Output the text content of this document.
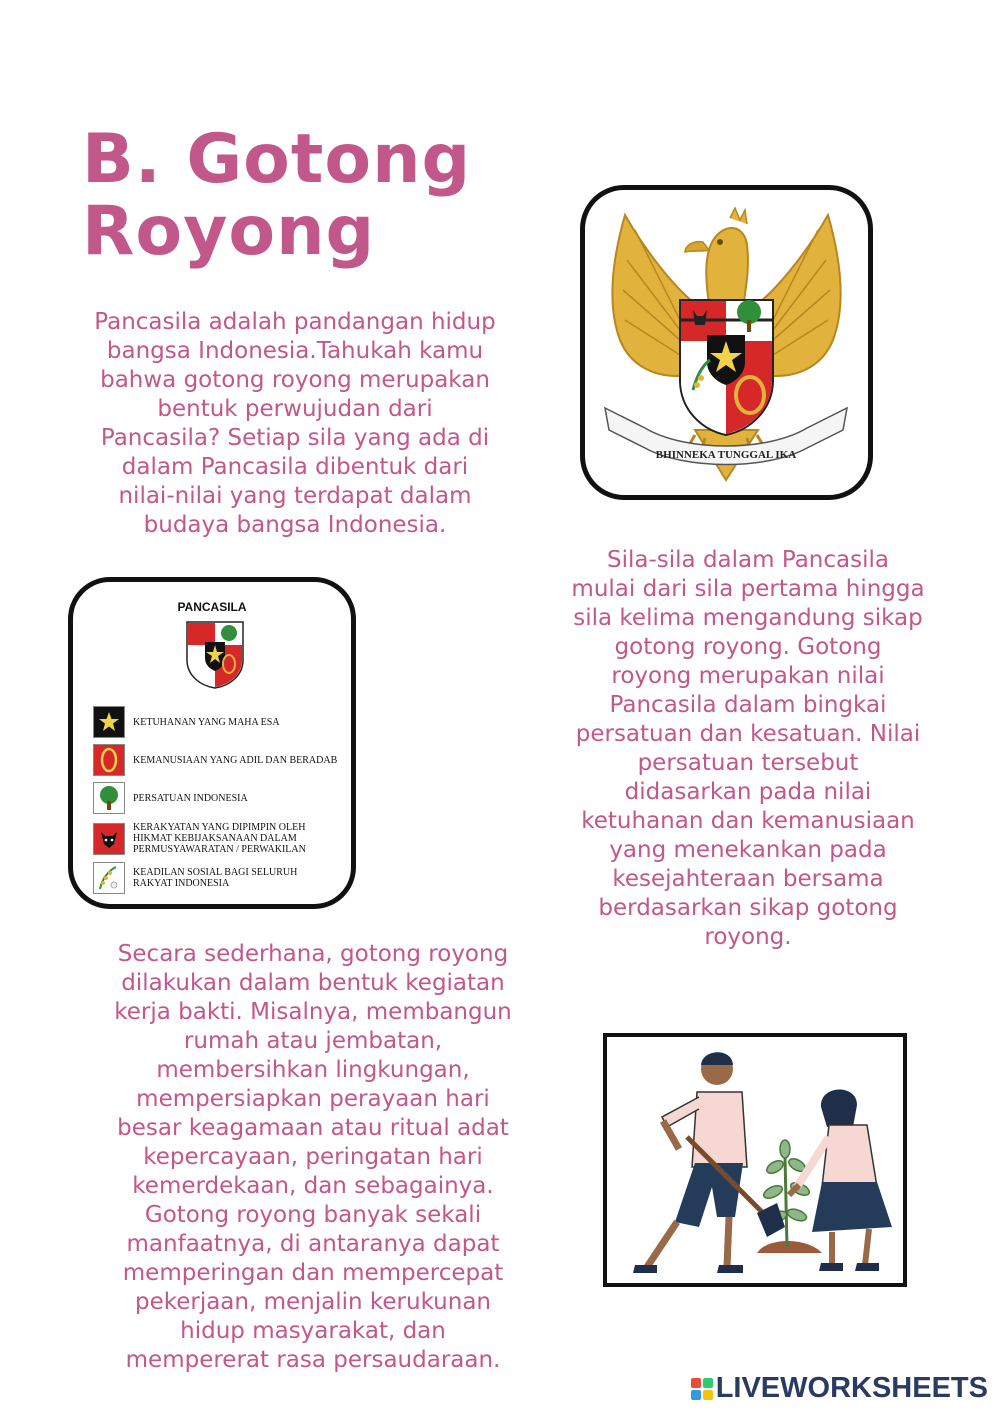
B. Gotong
Royong

Pancasila adalah pandangan hidup
bangsa Indonesia.Tahukah kamu
bahwa gotong royong merupakan
bentuk perwujudan dari
Pancasila? Setiap sila yang ada di
dalam Pancasila dibentuk dari
nilai-nilai yang terdapat dalam
budaya bangsa Indonesia.

BHINNEKA TUNGGAL IKA

Sila-sila dalam Pancasila
mulai dari sila pertama hingga
sila kelima mengandung sikap
gotong royong. Gotong
royong merupakan nilai
Pancasila dalam bingkai
persatuan dan kesatuan. Nilai
persatuan tersebut
didasarkan pada nilai
ketuhanan dan kemanusiaan
yang menekankan pada
kesejahteraan bersama
berdasarkan sikap gotong
royong.

PANCASILA
KETUHANAN YANG MAHA ESA
KEMANUSIAAN YANG ADIL DAN BERADAB
PERSATUAN INDONESIA
KERAKYATAN YANG DIPIMPIN OLEH
HIKMAT KEBIJAKSANAAN DALAM
PERMUSYAWARATAN / PERWAKILAN
KEADILAN SOSIAL BAGI SELURUH
RAKYAT INDONESIA

Secara sederhana, gotong royong
dilakukan dalam bentuk kegiatan
kerja bakti. Misalnya, membangun
rumah atau jembatan,
membersihkan lingkungan,
mempersiapkan perayaan hari
besar keagamaan atau ritual adat
kepercayaan, peringatan hari
kemerdekaan, dan sebagainya.
Gotong royong banyak sekali
manfaatnya, di antaranya dapat
memperingan dan mempercepat
pekerjaan, menjalin kerukunan
hidup masyarakat, dan
mempererat rasa persaudaraan.

LIVEWORKSHEETS
